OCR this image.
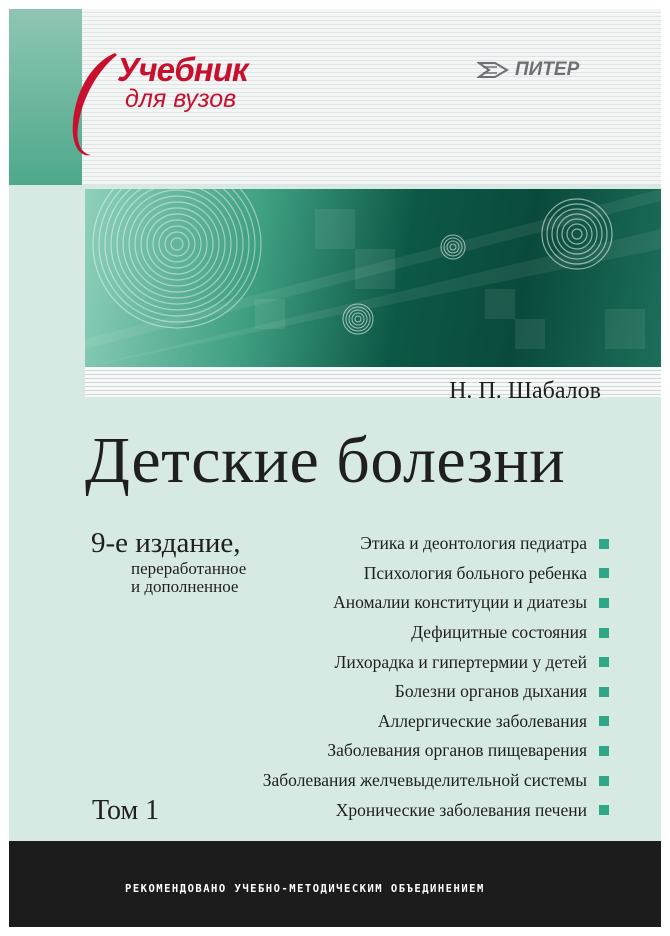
Учебник
для вузов
ПИТЕР
Н. П. Шабалов
Детские болезни
9-е издание,
переработанное
и дополненное
Том 1
Этика и деонтология педиатра
Психология больного ребенка
Аномалии конституции и диатезы
Дефицитные состояния
Лихорадка и гипертермии у детей
Болезни органов дыхания
Аллергические заболевания
Заболевания органов пищеварения
Заболевания желчевыделительной системы
Хронические заболевания печени
РЕКОМЕНДОВАНО УЧЕБНО-МЕТОДИЧЕСКИМ ОБЪЕДИНЕНИЕМ
